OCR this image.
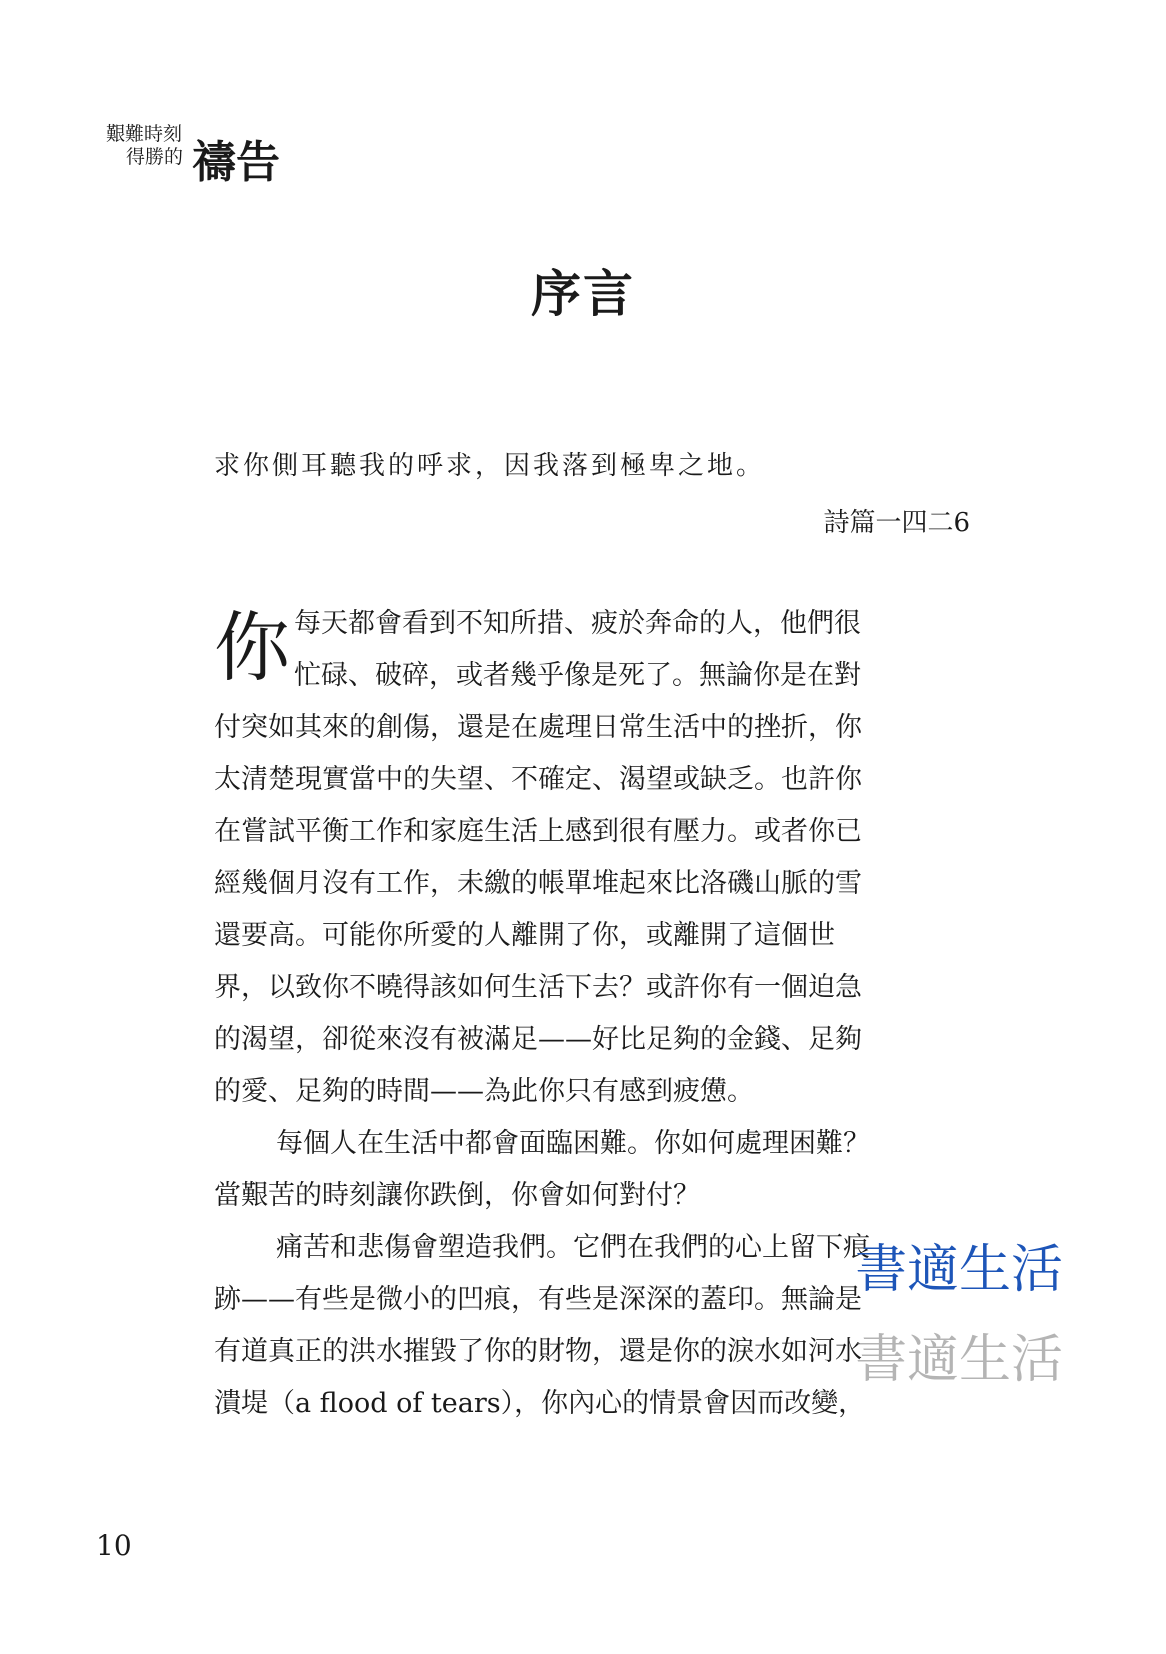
艱難時刻
得勝的 禱告
序言
求你側耳聽我的呼求，因我落到極卑之地。
詩篇一四二6
你 每天都會看到不知所措、疲於奔命的人，他們很
忙碌、破碎，或者幾乎像是死了。無論你是在對
付突如其來的創傷，還是在處理日常生活中的挫折，你
太清楚現實當中的失望、不確定、渴望或缺乏。也許你
在嘗試平衡工作和家庭生活上感到很有壓力。或者你已
經幾個月沒有工作，未繳的帳單堆起來比洛磯山脈的雪
還要高。可能你所愛的人離開了你，或離開了這個世
界，以致你不曉得該如何生活下去？或許你有一個迫急
的渴望，卻從來沒有被滿足——好比足夠的金錢、足夠
的愛、足夠的時間——為此你只有感到疲憊。
每個人在生活中都會面臨困難。你如何處理困難？
當艱苦的時刻讓你跌倒，你會如何對付？
痛苦和悲傷會塑造我們。它們在我們的心上留下痕
跡——有些是微小的凹痕，有些是深深的蓋印。無論是
有道真正的洪水摧毀了你的財物，還是你的淚水如河水
潰堤（a flood of tears），你內心的情景會因而改變，
書適生活
書適生活
10
